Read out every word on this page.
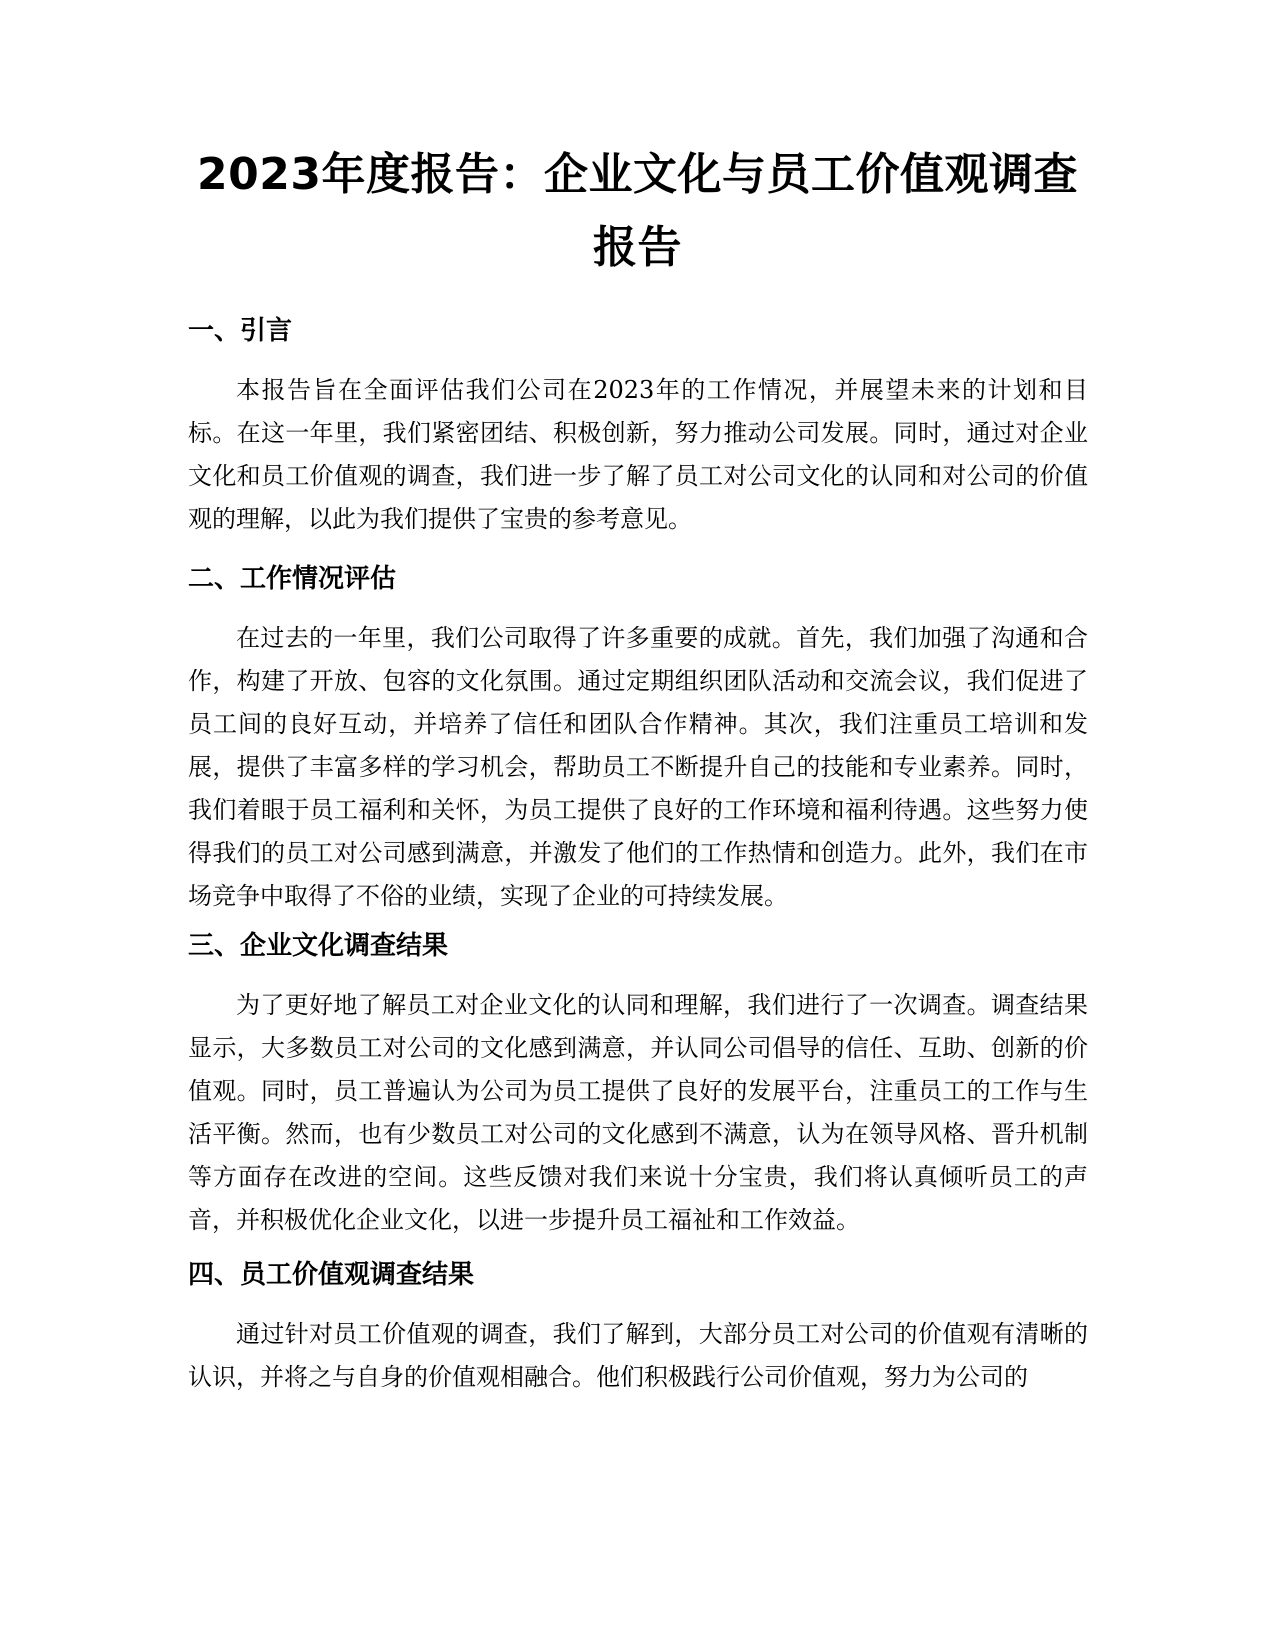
2023年度报告：企业文化与员工价值观调查报告
一、引言

本报告旨在全面评估我们公司在2023年的工作情况，并展望未来的计划和目标。在这一年里，我们紧密团结、积极创新，努力推动公司发展。同时，通过对企业文化和员工价值观的调查，我们进一步了解了员工对公司文化的认同和对公司的价值观的理解，以此为我们提供了宝贵的参考意见。

二、工作情况评估

在过去的一年里，我们公司取得了许多重要的成就。首先，我们加强了沟通和合作，构建了开放、包容的文化氛围。通过定期组织团队活动和交流会议，我们促进了员工间的良好互动，并培养了信任和团队合作精神。其次，我们注重员工培训和发展，提供了丰富多样的学习机会，帮助员工不断提升自己的技能和专业素养。同时，我们着眼于员工福利和关怀，为员工提供了良好的工作环境和福利待遇。这些努力使得我们的员工对公司感到满意，并激发了他们的工作热情和创造力。此外，我们在市场竞争中取得了不俗的业绩，实现了企业的可持续发展。

三、企业文化调查结果

为了更好地了解员工对企业文化的认同和理解，我们进行了一次调查。调查结果显示，大多数员工对公司的文化感到满意，并认同公司倡导的信任、互助、创新的价值观。同时，员工普遍认为公司为员工提供了良好的发展平台，注重员工的工作与生活平衡。然而，也有少数员工对公司的文化感到不满意，认为在领导风格、晋升机制等方面存在改进的空间。这些反馈对我们来说十分宝贵，我们将认真倾听员工的声音，并积极优化企业文化，以进一步提升员工福祉和工作效益。

四、员工价值观调查结果

通过针对员工价值观的调查，我们了解到，大部分员工对公司的价值观有清晰的认识，并将之与自身的价值观相融合。他们积极践行公司价值观，努力为公司的
